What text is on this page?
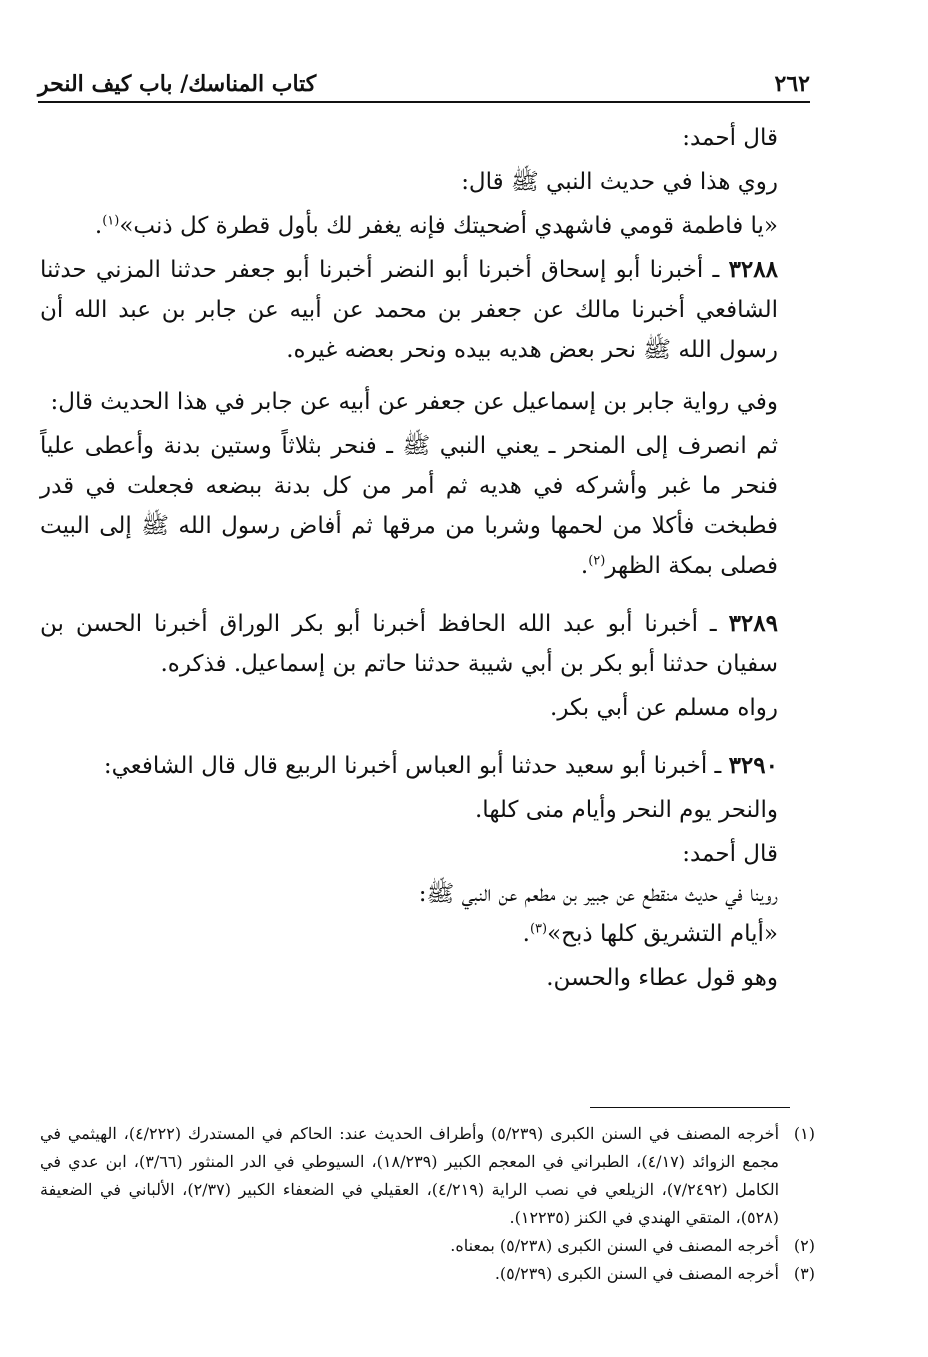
٢٦٢
كتاب المناسك/ باب كيف النحر

قال أحمد:

روي هذا في حديث النبي ﷺ قال:

«يا فاطمة قومي فاشهدي أضحيتك فإنه يغفر لك بأول قطرة كل ذنب»$^{(١)}$.

٣٢٨٨ ـ أخبرنا أبو إسحاق أخبرنا أبو النضر أخبرنا أبو جعفر حدثنا المزني حدثنا الشافعي أخبرنا مالك عن جعفر بن محمد عن أبيه عن جابر بن عبد الله أن رسول الله ﷺ نحر بعض هديه بيده ونحر بعضه غيره.

وفي رواية جابر بن إسماعيل عن جعفر عن أبيه عن جابر في هذا الحديث قال:

ثم انصرف إلى المنحر ـ يعني النبي ﷺ ـ فنحر بثلاثاً وستين بدنة وأعطى علياً فنحر ما غبر وأشركه في هديه ثم أمر من كل بدنة ببضعه فجعلت في قدر فطبخت فأكلا من لحمها وشربا من مرقها ثم أفاض رسول الله ﷺ إلى البيت فصلى بمكة الظهر$^{(٢)}$.

٣٢٨٩ ـ أخبرنا أبو عبد الله الحافظ أخبرنا أبو بكر الوراق أخبرنا الحسن بن سفيان حدثنا أبو بكر بن أبي شيبة حدثنا حاتم بن إسماعيل. فذكره.

رواه مسلم عن أبي بكر.

٣٢٩٠ ـ أخبرنا أبو سعيد حدثنا أبو العباس أخبرنا الربيع قال قال الشافعي:

والنحر يوم النحر وأيام منى كلها.

قال أحمد:

روينا في حديث منقطع عن جبير بن مطعم عن النبي ﷺ:

«أيام التشريق كلها ذبح»$^{(٣)}$.

وهو قول عطاء والحسن.

(١)
أخرجه المصنف في السنن الكبرى (٥/٢٣٩) وأطراف الحديث عند: الحاكم في المستدرك (٤/٢٢٢)، الهيثمي في مجمع الزوائد (٤/١٧)، الطبراني في المعجم الكبير (١٨/٢٣٩)، السيوطي في الدر المنثور (٣/٦٦)، ابن عدي في الكامل (٧/٢٤٩٢)، الزيلعي في نصب الراية (٤/٢١٩)، العقيلي في الضعفاء الكبير (٢/٣٧)، الألباني في الضعيفة (٥٢٨)، المتقي الهندي في الكنز (١٢٢٣٥).
(٢)
أخرجه المصنف في السنن الكبرى (٥/٢٣٨) بمعناه.
(٣)
أخرجه المصنف في السنن الكبرى (٥/٢٣٩).
